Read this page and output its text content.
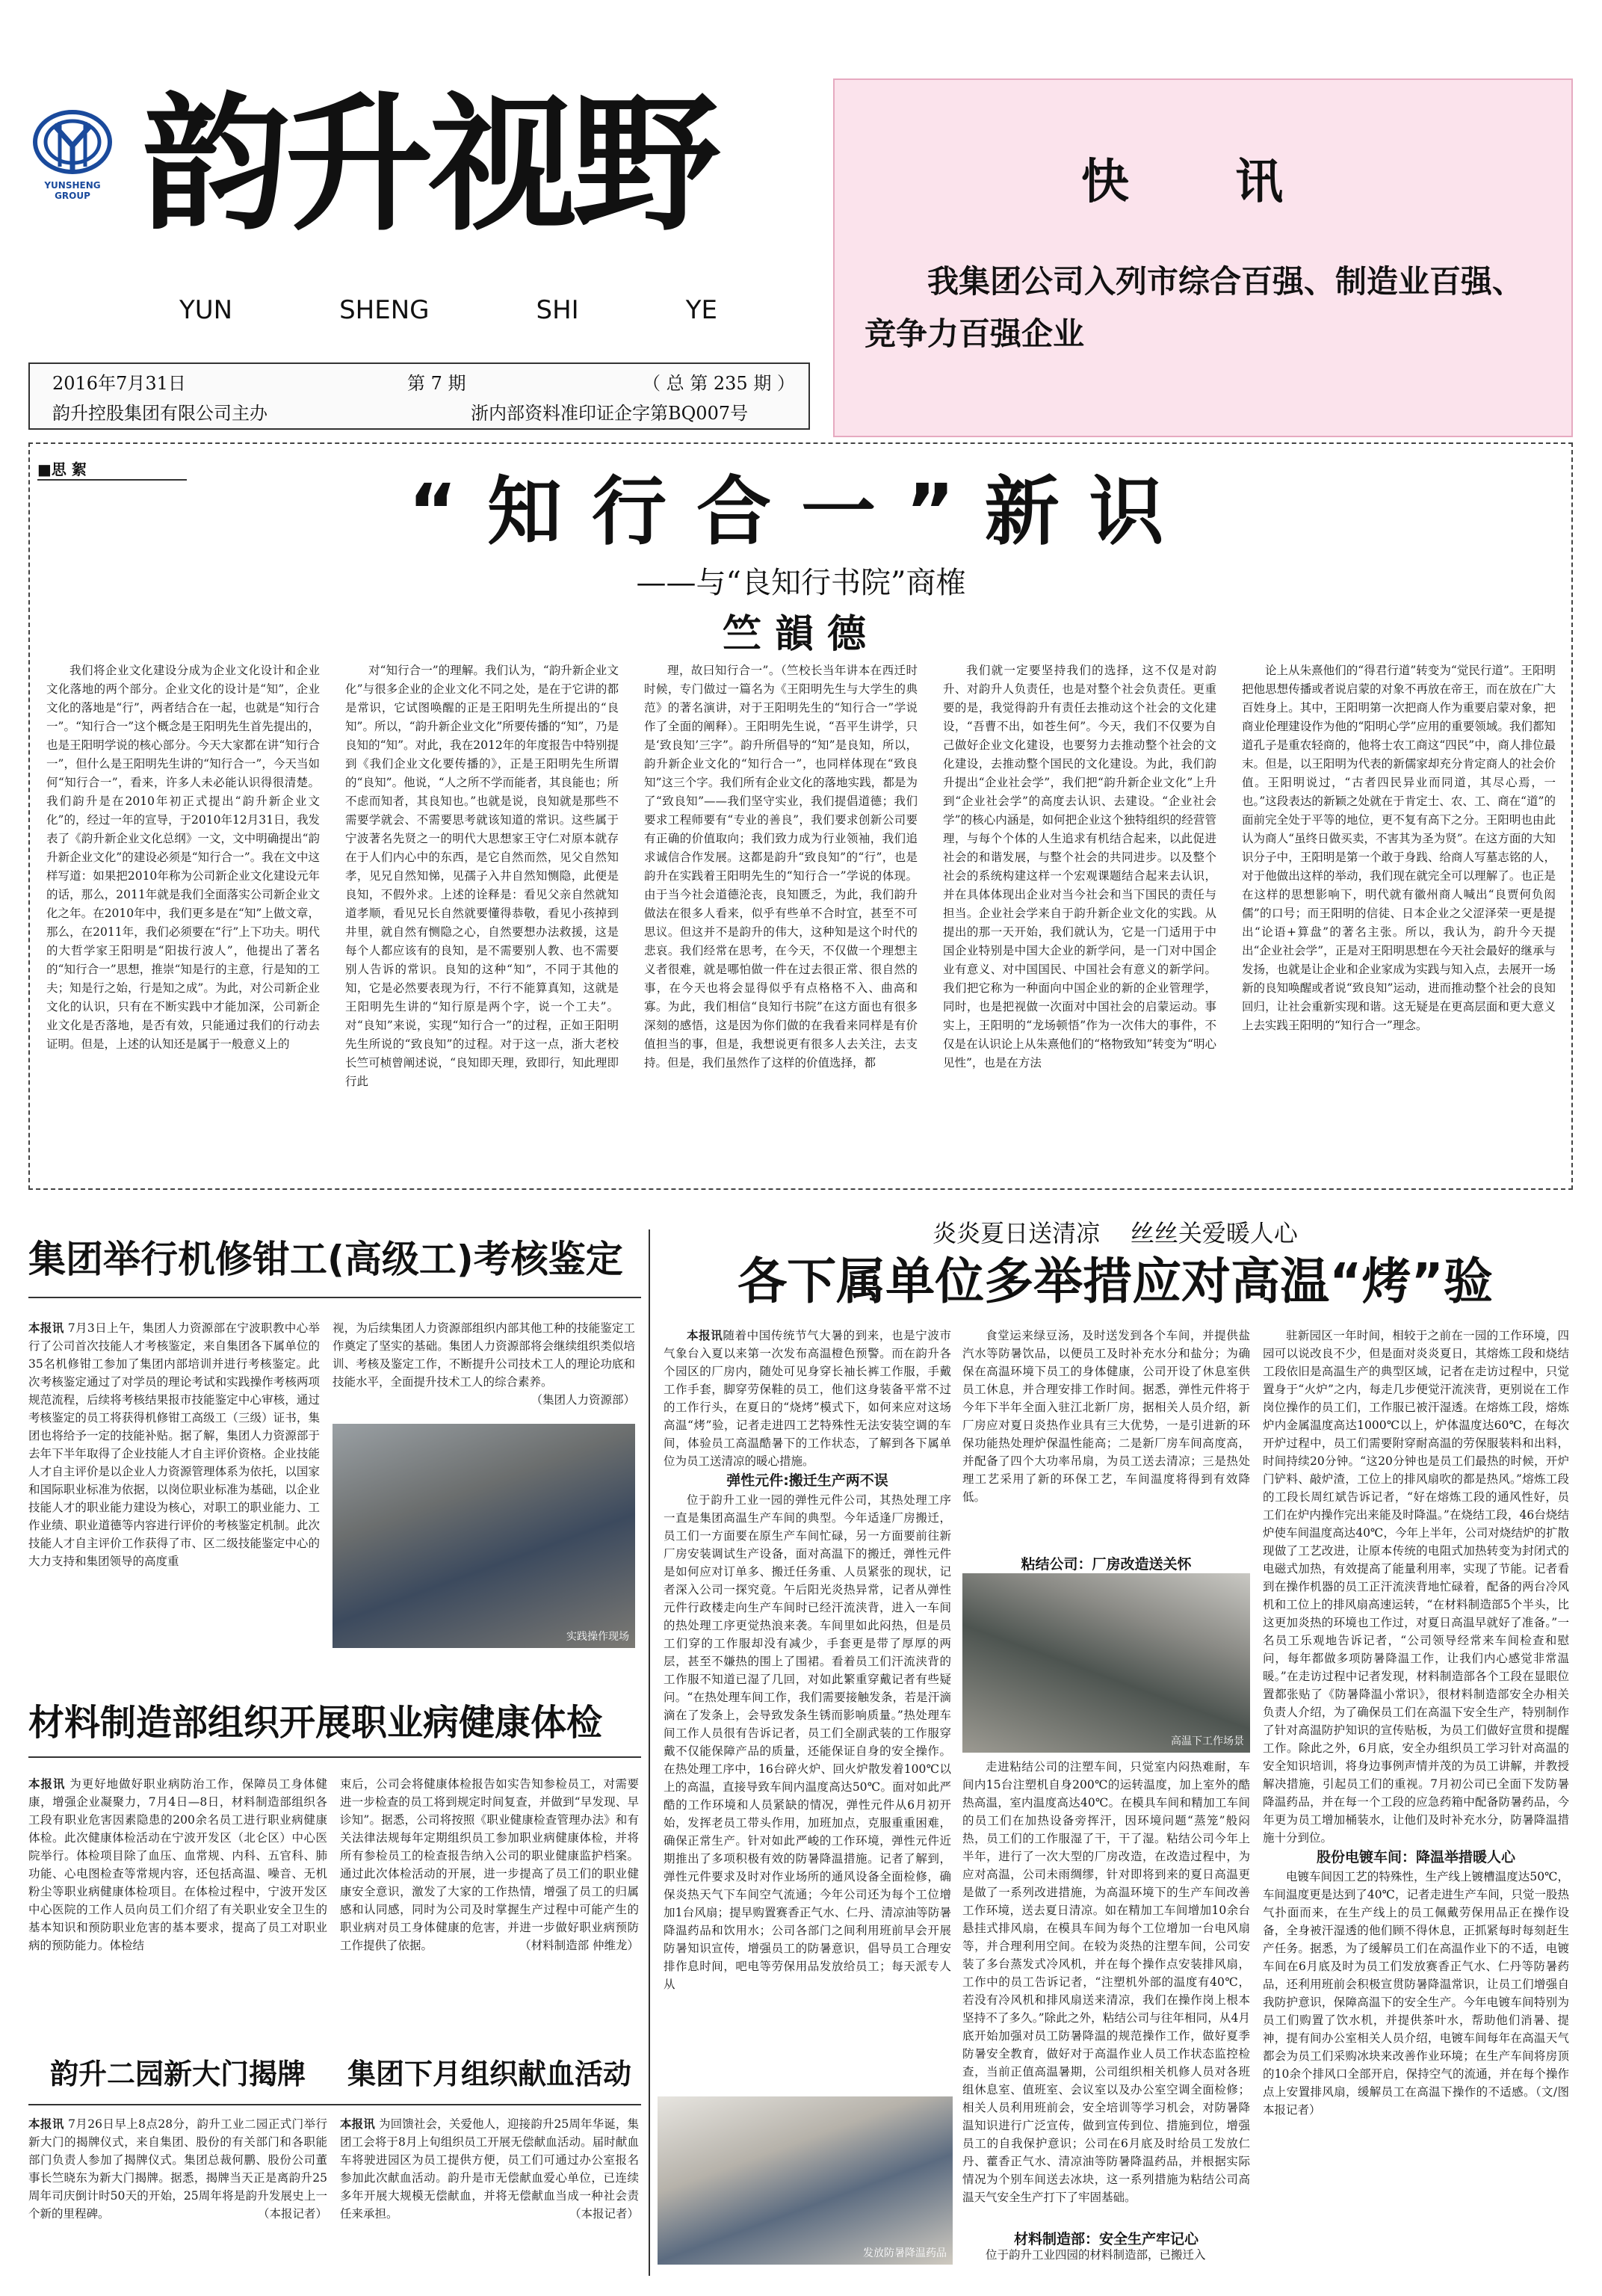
YUNSHENG GROUP 韵升视野
YUN	SHENG	SHI	YE
2016年7月31日	第 7 期	（ 总 第 235 期 ）
韵升控股集团有限公司主办	浙内部资料准印证企字第BQ007号
快 讯
我集团公司入列市综合百强、制造业百强、竞争力百强企业
■思 絮	“知行合一”新识
——与“良知行书院”商榷
竺韻德
我们将企业文化建设分成为企业文化设计和企业文化落地的两个部分。企业文化的设计是“知”，企业文化的落地是“行”，两者结合在一起，也就是“知行合一”。“知行合一”这个概念是王阳明先生首先提出的，也是王阳明学说的核心部分。今天大家都在讲“知行合一”，但什么是王阳明先生讲的“知行合一”，今天当如何“知行合一”，看来，许多人未必能认识得很清楚。我们韵升是在2010年初正式提出“韵升新企业文化”的，经过一年的宣导，于2010年12月31日，我发表了《韵升新企业文化总纲》一文，文中明确提出“韵升新企业文化”的建设必须是“知行合一”。我在文中这样写道：如果把2010年称为公司新企业文化建设元年的话，那么，2011年就是我们全面落实公司新企业文化之年。在2010年中，我们更多是在“知”上做文章，那么，在2011年，我们必须要在“行”上下功夫。明代的大哲学家王阳明是“阳拔行波人”，他提出了著名的“知行合一”思想，推崇“知是行的主意，行是知的工夫；知是行之始，行是知之成”。为此，对公司新企业文化的认识，只有在不断实践中才能加深，公司新企业文化是否落地，是否有效，只能通过我们的行动去证明。但是，上述的认知还是属于一般意义上的
对“知行合一”的理解。我们认为，“韵升新企业文化”与很多企业的企业文化不同之处，是在于它讲的都是常识，它试图唤醒的正是王阳明先生所提出的“良知”。所以，“韵升新企业文化”所要传播的“知”，乃是良知的“知”。对此，我在2012年的年度报告中特别提到《我们企业文化要传播的》，正是王阳明先生所谓的“良知”。他说，“人之所不学而能者，其良能也；所不虑而知者，其良知也。”也就是说，良知就是那些不需要学就会、不需要思考就该知道的常识。这些属于宁波著名先贤之一的明代大思想家王守仁对原本就存在于人们内心中的东西，是它自然而然，见父自然知孝，见兄自然知悌，见孺子入井自然知恻隐，此便是良知，不假外求。上述的诠释是：看见父亲自然就知道孝顺，看见兄长自然就要懂得恭敬，看见小孩掉到井里，就自然有恻隐之心，自然要想办法救援，这是每个人都应该有的良知，是不需要别人教、也不需要别人告诉的常识。良知的这种“知”，不同于其他的知，它是必然要表现为行，不行不能算真知，这就是王阳明先生讲的“知行原是两个字，说一个工夫”。对“良知”来说，实现“知行合一”的过程，正如王阳明先生所说的“致良知”的过程。对于这一点，浙大老校长竺可桢曾阐述说，“良知即天理，致即行，知此理即行此
理，故曰知行合一”。（竺校长当年讲本在西迁时时候，专门做过一篇名为《王阳明先生与大学生的典范》的著名演讲，对于王阳明先生的“知行合一”学说作了全面的阐释）。王阳明先生说，“吾平生讲学，只是‘致良知’三字”。韵升所倡导的“知”是良知，所以，韵升新企业文化的“知行合一”，也同样体现在“致良知”这三个字。我们所有企业文化的落地实践，都是为了“致良知”——我们坚守实业，我们提倡道德；我们要求工程师要有“专业的善良”，我们要求创新公司要有正确的价值取向；我们致力成为行业领袖，我们追求诚信合作发展。这都是韵升“致良知”的“行”，也是韵升在实践着王阳明先生的“知行合一”学说的体现。由于当今社会道德沦丧，良知匮乏，为此，我们韵升做法在很多人看来，似乎有些单不合时宜，甚至不可思议。但这并不是韵升的伟大，这种知是这个时代的悲哀。我们经常在思考，在今天，不仅做一个理想主义者很难，就是哪怕做一件在过去很正常、很自然的事，在今天也将会显得似乎有点格格不入、曲高和寡。为此，我们相信“良知行书院”在这方面也有很多深刻的感悟，这是因为你们做的在我看来同样是有价值担当的事，但是，我想说更有很多人去关注，去支持。但是，我们虽然作了这样的价值选择，都
我们就一定要坚持我们的选择，这不仅是对韵升、对韵升人负责任，也是对整个社会负责任。更重要的是，我觉得韵升有责任去推动这个社会的文化建设，“吾曹不出，如苍生何”。今天，我们不仅要为自己做好企业文化建设，也要努力去推动整个社会的文化建设，去推动整个国民的文化建设。为此，我们韵升提出“企业社会学”，我们把“韵升新企业文化”上升到“企业社会学”的高度去认识、去建设。“企业社会学”的核心内涵是，如何把企业这个独特组织的经营管理，与每个个体的人生追求有机结合起来，以此促进社会的和谐发展，与整个社会的共同进步。以及整个社会的系统构建这样一个宏观课题结合起来去认识，并在具体体现出企业对当今社会和当下国民的责任与担当。企业社会学来自于韵升新企业文化的实践。从提出的那一天开始，我们就认为，它是一门适用于中国企业特别是中国大企业的新学问，是一门对中国企业有意义、对中国国民、中国社会有意义的新学问。我们把它称为一种面向中国企业的新的企业管理学，同时，也是把视做一次面对中国社会的启蒙运动。事实上，王阳明的“龙场顿悟”作为一次伟大的事件，不仅是在认识论上从朱熹他们的“格物致知”转变为“明心见性”，也是在方法
论上从朱熹他们的“得君行道”转变为“觉民行道”。王阳明把他思想传播或者说启蒙的对象不再放在帝王，而在放在广大百姓身上。其中，王阳明第一次把商人作为重要启蒙对象，把商业伦理建设作为他的“阳明心学”应用的重要领域。我们都知道孔子是重农轻商的，他将士农工商这“四民”中，商人排位最末。但是，以王阳明为代表的新儒家却充分肯定商人的社会价值。王阳明说过，“古者四民异业而同道，其尽心焉，一也。”这段表达的新颖之处就在于肯定士、农、工、商在“道”的面前完全处于平等的地位，更不复有高下之分。王阳明也由此认为商人“虽终日做买卖，不害其为圣为贤”。在这方面的大知识分子中，王阳明是第一个敢于身践、给商人写墓志铭的人，对于他做出这样的举动，我们现在就完全可以理解了。也正是在这样的思想影响下，明代就有徽州商人喊出“良贾何负闳儒”的口号；而王阳明的信徒、日本企业之父涩泽荣一更是提出“论语+算盘”的著名主张。所以，我认为，韵升今天提出“企业社会学”，正是对王阳明思想在今天社会最好的继承与发扬，也就是让企业和企业家成为实践与知入点，去展开一场新的良知唤醒或者说“致良知”运动，进而推动整个社会的良知回归，让社会重新实现和谐。这无疑是在更高层面和更大意义上去实践王阳明的“知行合一”理念。
集团举行机修钳工(高级工)考核鉴定
本报讯 7月3日上午，集团人力资源部在宁波职教中心举行了公司首次技能人才考核鉴定，来自集团各下属单位的35名机修钳工参加了集团内部培训并进行考核鉴定。此次考核鉴定通过了对学员的理论考试和实践操作考核两项规范流程，后续将考核结果报市技能鉴定中心审核，通过考核鉴定的员工将获得机修钳工高级工（三级）证书，集团也将给予一定的技能补贴。据了解，集团人力资源部于去年下半年取得了企业技能人才自主评价资格。企业技能人才自主评价是以企业人力资源管理体系为依托，以国家和国际职业标准为依据，以岗位职业标准为基础，以企业技能人才的职业能力建设为核心，对职工的职业能力、工作业绩、职业道德等内容进行评价的考核鉴定机制。此次技能人才自主评价工作获得了市、区二级技能鉴定中心的大力支持和集团领导的高度重
视，为后续集团人力资源部组织内部其他工种的技能鉴定工作奠定了坚实的基础。集团人力资源部将会继续组织类似培训、考核及鉴定工作，不断提升公司技术工人的理论功底和技能水平，全面提升技术工人的综合素养。
（集团人力资源部）
实践操作现场
材料制造部组织开展职业病健康体检
本报讯 为更好地做好职业病防治工作，保障员工身体健康，增强企业凝聚力，7月4日—8日，材料制造部组织各工段有职业危害因素隐患的200余名员工进行职业病健康体检。此次健康体检活动在宁波开发区（北仑区）中心医院举行。体检项目除了血压、血常规、内科、五官科、肺功能、心电图检查等常规内容，还包括高温、噪音、无机粉尘等职业病健康体检项目。在体检过程中，宁波开发区中心医院的工作人员向员工们介绍了有关职业安全卫生的基本知识和预防职业危害的基本要求，提高了员工对职业病的预防能力。体检结
束后，公司会将健康体检报告如实告知参检员工，对需要进一步检查的员工将到规定时间复查，并做到“早发现、早诊知”。据悉，公司将按照《职业健康检查管理办法》和有关法律法规每年定期组织员工参加职业病健康体检，并将所有参检员工的检查报告纳入公司的职业健康监护档案。通过此次体检活动的开展，进一步提高了员工们的职业健康安全意识，激发了大家的工作热情，增强了员工的归属感和认同感，同时为公司及时掌握生产过程中可能产生的职业病对员工身体健康的危害，并进一步做好职业病预防工作提供了依据。	（材料制造部 仲维龙）
韵升二园新大门揭牌	集团下月组织献血活动
本报讯 7月26日早上8点28分，韵升工业二园正式门举行新大门的揭牌仪式，来自集团、股份的有关部门和各职能部门负责人参加了揭牌仪式。集团总裁何鹏、股份公司董事长竺晓东为新大门揭牌。据悉，揭牌当天正是离韵升25周年司庆倒计时50天的开始，25周年将是韵升发展史上一个新的里程碑。	（本报记者）
本报讯 为回馈社会，关爱他人，迎接韵升25周年华诞，集团工会将于8月上旬组织员工开展无偿献血活动。届时献血车将驶进园区为员工提供方便，员工们可通过办公室报名参加此次献血活动。韵升是市无偿献血爱心单位，已连续多年开展大规模无偿献血，并将无偿献血当成一种社会责任来承担。	（本报记者）
炎炎夏日送清凉    丝丝关爱暖人心
各下属单位多举措应对高温“烤”验

本报讯随着中国传统节气大暑的到来，也是宁波市气象台入夏以来第一次发布高温橙色预警。而在韵升各个园区的厂房内，随处可见身穿长袖长裤工作服，手戴工作手套，脚穿劳保鞋的员工，他们这身装备平常不过的工作行头，在夏日的“烧烤”模式下，如何来应对这场高温“烤”验，记者走进四工艺特殊性无法安装空调的车间，体验员工高温酷暑下的工作状态，了解到各下属单位为员工送清凉的暖心措施。

弹性元件:搬迁生产两不误

位于韵升工业一园的弹性元件公司，其热处理工序一直是集团高温生产车间的典型。今年适逢厂房搬迁，员工们一方面要在原生产车间忙碌，另一方面要前往新厂房安装调试生产设备，面对高温下的搬迁，弹性元件是如何应对订单多、搬迁任务重、人员紧张的现状，记者深入公司一探究竟。午后阳光炎热异常，记者从弹性元件行政楼走向生产车间时已经汗流浃背，进入一车间的热处理工序更觉热浪来袭。车间里如此闷热，但是员工们穿的工作服却没有减少，手套更是带了厚厚的两层，甚至不嫌热的围上了围裙。看着员工们汗流浃背的工作服不知道已湿了几回，对如此繁重穿戴记者有些疑问。“在热处理车间工作，我们需要接触发条，若是汗滴滴在了发条上，会导致发条生锈而影响质量。”热处理车间工作人员很有告诉记者，员工们全副武装的工作服穿戴不仅能保障产品的质量，还能保证自身的安全操作。在热处理工序中，16台碎火炉、回火炉散发着100℃以上的高温，直接导致车间内温度高达50℃。面对如此严酷的工作环境和人员紧缺的情况，弹性元件从6月初开始，发挥老员工带头作用，加班加点，克服重重困难，确保正常生产。针对如此严峻的工作环境，弹性元件近期推出了多项积极有效的防暑降温措施。记者了解到，弹性元件要求及时对作业场所的通风设备全面检修，确保炎热天气下车间空气流通；今年公司还为每个工位增加1台风扇；提早购置赛香正气水、仁丹、清凉油等防暑降温药品和饮用水；公司各部门之间利用班前早会开展防暑知识宣传，增强员工的防暑意识，倡导员工合理安排作息时间，吧电等劳保用品发放给员工；每天派专人从

食堂运来绿豆汤，及时送发到各个车间，并提供盐汽水等防暑饮品，以便员工及时补充水分和盐分；为确保在高温环境下员工的身体健康，公司开设了休息室供员工休息，并合理安排工作时间。据悉，弹性元件将于今年下半年全面入驻江北新厂房，据相关人员介绍，新厂房应对夏日炎热作业具有三大优势，一是引进新的环保功能热处理炉保温性能高；二是新厂房车间高度高，并配备了四个大功率吊扇，为员工送去清凉；三是热处理工艺采用了新的环保工艺，车间温度将得到有效降低。

粘结公司：厂房改造送关怀
高温下工作场景

走进粘结公司的注塑车间，只觉室内闷热难耐，车间内15台注塑机自身200℃的运转温度，加上室外的酷热高温，室内温度高达40℃。在模具车间和精加工车间的员工们在加热设备旁挥汗，因环境问题“蒸笼”般闷热，员工们的工作服湿了干，干了湿。粘结公司今年上半年，进行了一次大型的厂房改造，在改造过程中，为应对高温，公司未雨绸缪，针对即将到来的夏日高温更是做了一系列改进措施，为高温环境下的生产车间改善工作环境，送去夏日清凉。如在精加工车间增加10余台悬挂式排风扇，在模具车间为每个工位增加一台电风扇等，并合理利用空间。在较为炎热的注塑车间，公司安装了多台蒸发式冷风机，并在每个操作点安装排风扇，工作中的员工告诉记者，“注塑机外部的温度有40℃，若没有冷风机和排风扇送来清凉，我们在操作岗上根本坚持不了多久。”除此之外，粘结公司与往年相同，从4月底开始加强对员工防暑降温的规范操作工作，做好夏季防暑安全教育，做好对于高温作业人员工作状态监控检查，当前正值高温暑期，公司组织相关机修人员对各班组休息室、值班室、会议室以及办公室空调全面检修；相关人员利用班前会，安全培训等学习机会，对防暑降温知识进行广泛宣传，做到宣传到位、措施到位，增强员工的自我保护意识；公司在6月底及时给员工发放仁丹、藿香正气水、清凉油等防暑降温药品，并根据实际情况为个别车间送去冰块，这一系列措施为粘结公司高温天气安全生产打下了牢固基础。

发放防暑降温药品
材料制造部：安全生产牢记心

位于韵升工业四园的材料制造部，已搬迁入

驻新园区一年时间，相较于之前在一园的工作环境，四园可以说改良不少，但是面对炎炎夏日，其熔炼工段和烧结工段依旧是高温生产的典型区域，记者在走访过程中，只觉置身于“火炉”之内，每走几步便觉汗流浃背，更别说在工作岗位操作的员工们，工作服已被汗湿透。在熔炼工段，熔炼炉内金属温度高达1000℃以上，炉体温度达60℃，在每次开炉过程中，员工们需要附穿耐高温的劳保服装料和出料，时间持续20分钟。“这20分钟也是员工们最热的时候，开炉门铲料、敲炉渣，工位上的排风扇吹的都是热风。”熔炼工段的工段长周红斌告诉记者，“好在熔炼工段的通风性好，员工们在炉内操作完出来能及时降温。”在烧结工段，46台烧结炉使车间温度高达40℃，今年上半年，公司对烧结炉的扩散现做了工艺改进，让原本传统的电阻式加热转变为封闭式的电磁式加热，有效提高了能量利用率，实现了节能。记者看到在操作机器的员工正汗流浃背地忙碌着，配备的两台冷风机和工位上的排风扇高速运转，“在材料制造部5个半头，比这更加炎热的环境也工作过，对夏日高温早就好了准备。”一名员工乐观地告诉记者，“公司领导经常来车间检查和慰问，每年都做多项防暑降温工作，让我们内心感觉非常温暖。”在走访过程中记者发现，材料制造部各个工段在显眼位置都张贴了《防暑降温小常识》，很材料制造部安全办相关负责人介绍，为了确保员工们在高温下安全生产，特别制作了针对高温防护知识的宣传贴板，为员工们做好宣贯和提醒工作。除此之外，6月底，安全办组织员工学习针对高温的安全知识培训，将身边事例声情并茂的为员工讲解，并教授解决措施，引起员工们的重视。7月初公司已全面下发防暑降温药品，并在每一个工段的应急药箱中配备防暑药品，今年更为员工增加桶装水，让他们及时补充水分，防暑降温措施十分到位。

股份电镀车间：降温举措暖人心

电镀车间因工艺的特殊性，生产线上镀槽温度达50℃，车间温度更是达到了40℃，记者走进生产车间，只觉一股热气扑面而来，在生产线上的员工佩戴劳保用品正在操作设备，全身被汗湿透的他们顾不得休息，正抓紧每时每刻赶生产任务。据悉，为了缓解员工们在高温作业下的不适，电镀车间在6月底及时为员工们发放赛香正气水、仁丹等防暑药品，还利用班前会积极宣贯防暑降温常识，让员工们增强自我防护意识，保障高温下的安全生产。今年电镀车间特别为员工们购置了饮水机，并提供茶叶水，帮助他们消暑、提神，提有间办公室相关人员介绍，电镀车间每年在高温天气都会为员工们采购冰块来改善作业环境；在生产车间将房顶的10余个排风口全部开启，保持空气的流通，并在每个操作点上安置排风扇，缓解员工在高温下操作的不适感。（文/图 本报记者）
